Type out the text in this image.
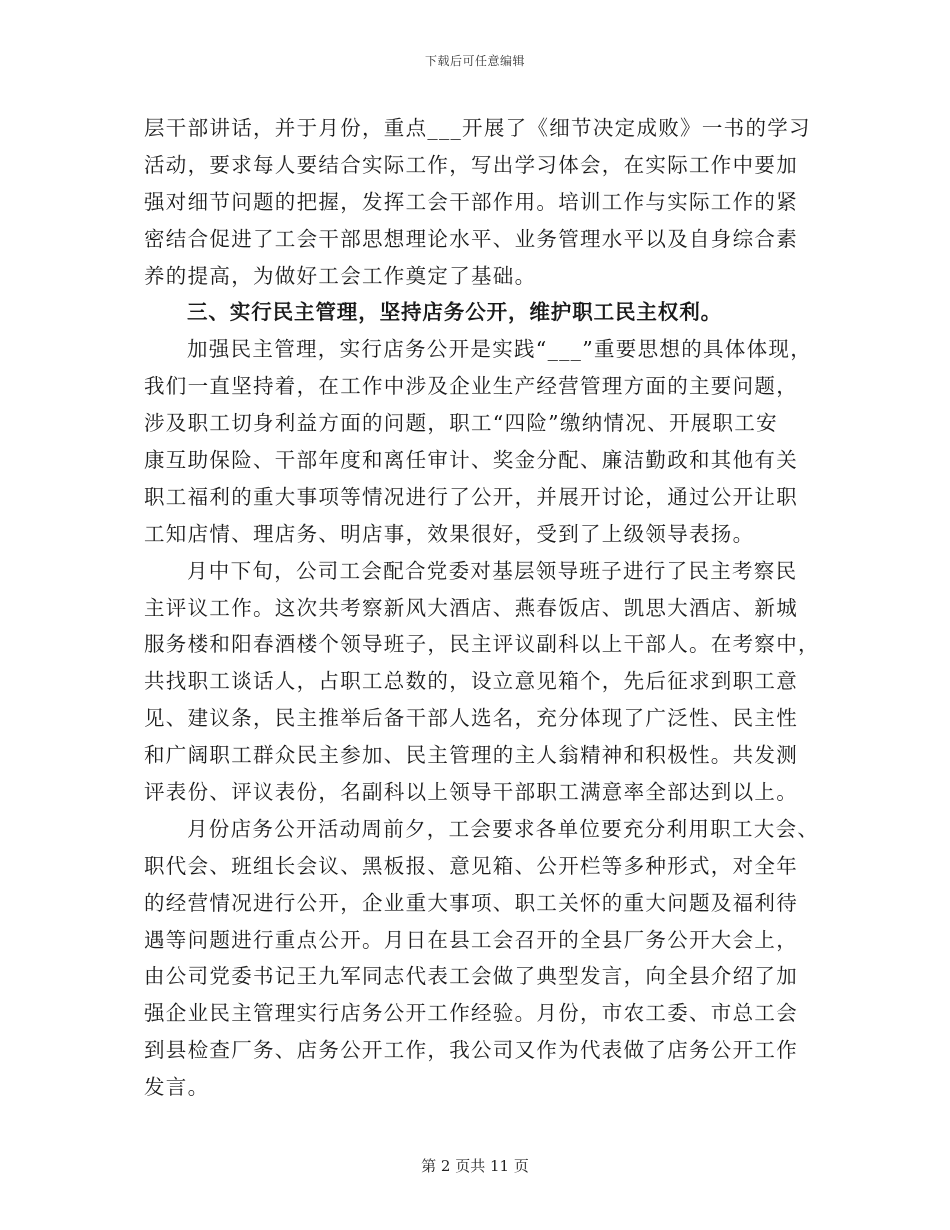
下载后可任意编辑
层干部讲话，并于月份，重点___开展了《细节决定成败》一书的学习
活动，要求每人要结合实际工作，写出学习体会，在实际工作中要加
强对细节问题的把握，发挥工会干部作用。培训工作与实际工作的紧
密结合促进了工会干部思想理论水平、业务管理水平以及自身综合素
养的提高，为做好工会工作奠定了基础。
三、实行民主管理，坚持店务公开，维护职工民主权利。
加强民主管理，实行店务公开是实践“___”重要思想的具体体现，
我们一直坚持着，在工作中涉及企业生产经营管理方面的主要问题，
涉及职工切身利益方面的问题，职工“四险”缴纳情况、开展职工安
康互助保险、干部年度和离任审计、奖金分配、廉洁勤政和其他有关
职工福利的重大事项等情况进行了公开，并展开讨论，通过公开让职
工知店情、理店务、明店事，效果很好，受到了上级领导表扬。
月中下旬，公司工会配合党委对基层领导班子进行了民主考察民
主评议工作。这次共考察新风大酒店、燕春饭店、凯思大酒店、新城
服务楼和阳春酒楼个领导班子，民主评议副科以上干部人。在考察中，
共找职工谈话人，占职工总数的，设立意见箱个，先后征求到职工意
见、建议条，民主推举后备干部人选名，充分体现了广泛性、民主性
和广阔职工群众民主参加、民主管理的主人翁精神和积极性。共发测
评表份、评议表份，名副科以上领导干部职工满意率全部达到以上。
月份店务公开活动周前夕，工会要求各单位要充分利用职工大会、
职代会、班组长会议、黑板报、意见箱、公开栏等多种形式，对全年
的经营情况进行公开，企业重大事项、职工关怀的重大问题及福利待
遇等问题进行重点公开。月日在县工会召开的全县厂务公开大会上，
由公司党委书记王九军同志代表工会做了典型发言，向全县介绍了加
强企业民主管理实行店务公开工作经验。月份，市农工委、市总工会
到县检查厂务、店务公开工作，我公司又作为代表做了店务公开工作
发言。
第 2 页共 11 页
